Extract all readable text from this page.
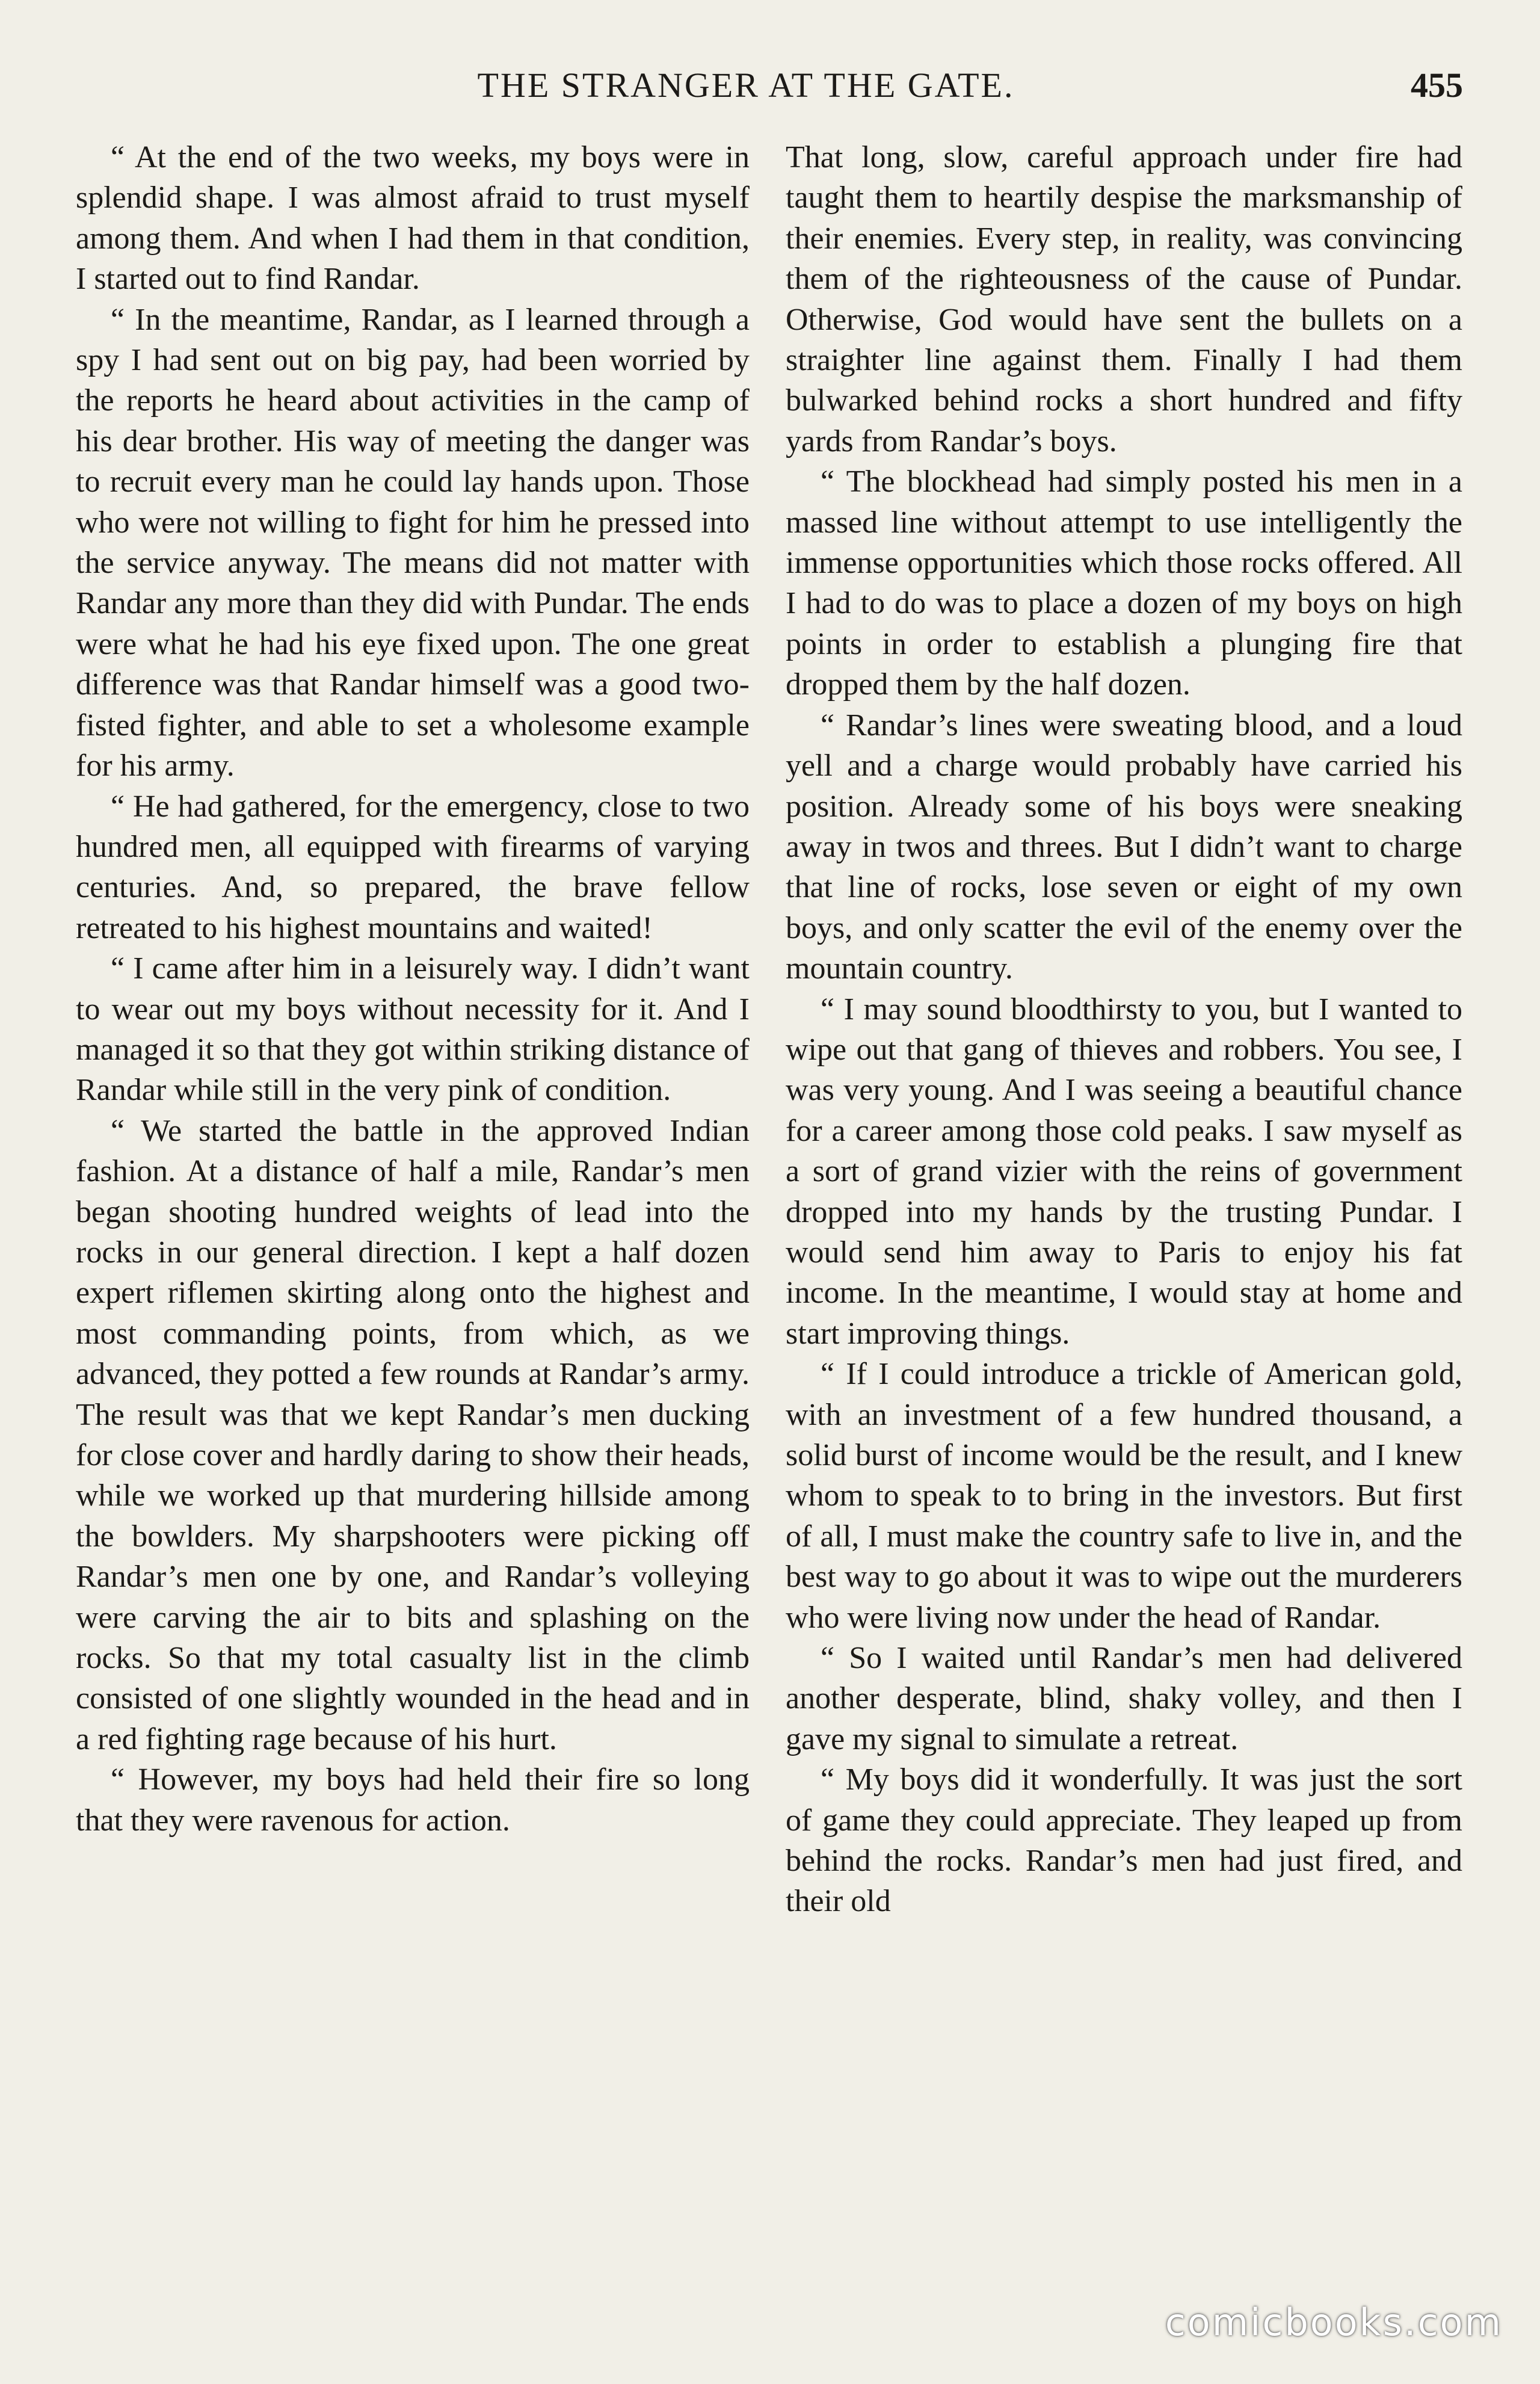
THE STRANGER AT THE GATE.	455

“ At the end of the two weeks, my boys were in splendid shape. I was almost afraid to trust myself among them. And when I had them in that condition, I started out to find Randar.

“ In the meantime, Randar, as I learned through a spy I had sent out on big pay, had been worried by the reports he heard about activities in the camp of his dear brother. His way of meeting the danger was to recruit every man he could lay hands upon. Those who were not willing to fight for him he pressed into the service anyway. The means did not matter with Randar any more than they did with Pundar. The ends were what he had his eye fixed upon. The one great difference was that Randar himself was a good two-fisted fighter, and able to set a wholesome example for his army.

“ He had gathered, for the emergency, close to two hundred men, all equipped with firearms of varying centuries. And, so prepared, the brave fellow retreated to his highest mountains and waited!

“ I came after him in a leisurely way. I didn’t want to wear out my boys without necessity for it. And I managed it so that they got within striking distance of Randar while still in the very pink of condition.

“ We started the battle in the approved Indian fashion. At a distance of half a mile, Randar’s men began shooting hundred weights of lead into the rocks in our general direction. I kept a half dozen expert riflemen skirting along onto the highest and most commanding points, from which, as we advanced, they potted a few rounds at Randar’s army. The result was that we kept Randar’s men ducking for close cover and hardly daring to show their heads, while we worked up that murdering hillside among the bowlders. My sharpshooters were picking off Randar’s men one by one, and Randar’s volleying were carving the air to bits and splashing on the rocks. So that my total casualty list in the climb consisted of one slightly wounded in the head and in a red fighting rage because of his hurt.

“ However, my boys had held their fire so long that they were ravenous for action.

That long, slow, careful approach under fire had taught them to heartily despise the marksmanship of their enemies. Every step, in reality, was convincing them of the righteousness of the cause of Pundar. Otherwise, God would have sent the bullets on a straighter line against them. Finally I had them bulwarked behind rocks a short hundred and fifty yards from Randar’s boys.

“ The blockhead had simply posted his men in a massed line without attempt to use intelligently the immense opportunities which those rocks offered. All I had to do was to place a dozen of my boys on high points in order to establish a plunging fire that dropped them by the half dozen.

“ Randar’s lines were sweating blood, and a loud yell and a charge would probably have carried his position. Already some of his boys were sneaking away in twos and threes. But I didn’t want to charge that line of rocks, lose seven or eight of my own boys, and only scatter the evil of the enemy over the mountain country.

“ I may sound bloodthirsty to you, but I wanted to wipe out that gang of thieves and robbers. You see, I was very young. And I was seeing a beautiful chance for a career among those cold peaks. I saw myself as a sort of grand vizier with the reins of government dropped into my hands by the trusting Pundar. I would send him away to Paris to enjoy his fat income. In the meantime, I would stay at home and start improving things.

“ If I could introduce a trickle of American gold, with an investment of a few hundred thousand, a solid burst of income would be the result, and I knew whom to speak to to bring in the investors. But first of all, I must make the country safe to live in, and the best way to go about it was to wipe out the murderers who were living now under the head of Randar.

“ So I waited until Randar’s men had delivered another desperate, blind, shaky volley, and then I gave my signal to simulate a retreat.

“ My boys did it wonderfully. It was just the sort of game they could appreciate. They leaped up from behind the rocks. Randar’s men had just fired, and their old

comicbooks.com
